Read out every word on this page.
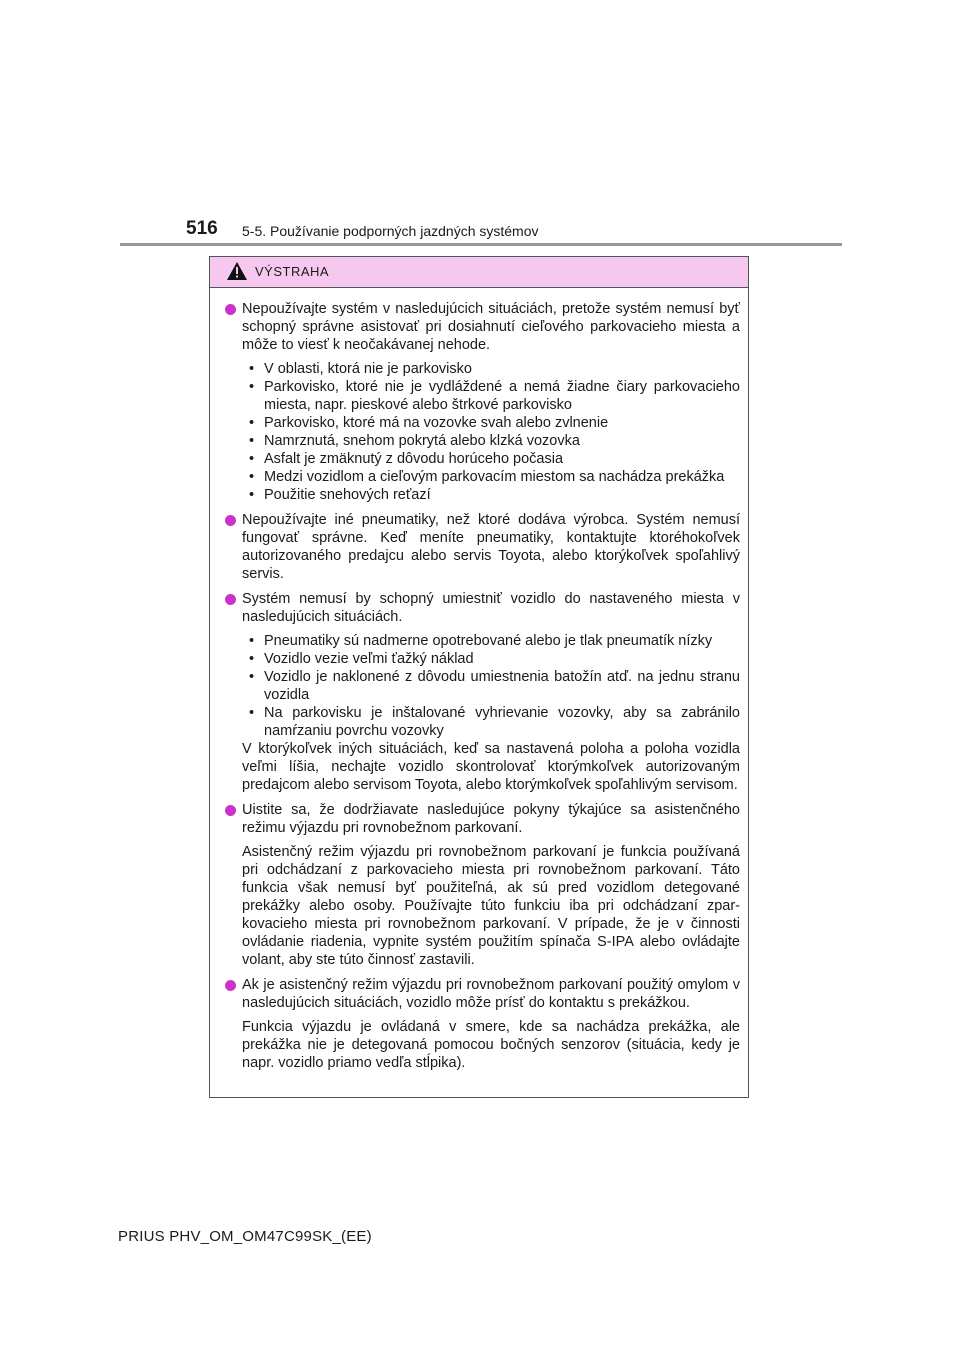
516 5-5. Používanie podporných jazdných systémov
VÝSTRAHA

Nepoužívajte systém v nasledujúcich situáciách, pretože systém nemusí byť schopný správne asistovať pri dosiahnutí cieľového parkovacieho miesta a môže to viesť k neočakávanej nehode.

• V oblasti, ktorá nie je parkovisko
• Parkovisko, ktoré nie je vydláždené a nemá žiadne čiary parkovacieho miesta, napr. pieskové alebo štrkové parkovisko
• Parkovisko, ktoré má na vozovke svah alebo zvlnenie
• Namrznutá, snehom pokrytá alebo klzká vozovka
• Asfalt je zmäknutý z dôvodu horúceho počasia
• Medzi vozidlom a cieľovým parkovacím miestom sa nachádza prekážka
• Použitie snehových reťazí

Nepoužívajte iné pneumatiky, než ktoré dodáva výrobca. Systém nemusí fungovať správne. Keď meníte pneumatiky, kontaktujte ktoréhokoľvek autorizovaného predajcu alebo servis Toyota, alebo ktorýkoľvek spoľahlivý servis.

Systém nemusí by schopný umiestniť vozidlo do nastaveného miesta v nasledujúcich situáciách.

• Pneumatiky sú nadmerne opotrebované alebo je tlak pneumatík nízky
• Vozidlo vezie veľmi ťažký náklad
• Vozidlo je naklonené z dôvodu umiestnenia batožín atď. na jednu stranu vozidla
• Na parkovisku je inštalované vyhrievanie vozovky, aby sa zabránilo namŕzaniu povrchu vozovky

V ktorýkoľvek iných situáciách, keď sa nastavená poloha a poloha vozidla veľmi líšia, nechajte vozidlo skontrolovať ktorýmkoľvek autorizovaným predajcom alebo servisom Toyota, alebo ktorýmkoľvek spoľahlivým servisom.

Uistite sa, že dodržiavate nasledujúce pokyny týkajúce sa asistenčného režimu výjazdu pri rovnobežnom parkovaní.

Asistenčný režim výjazdu pri rovnobežnom parkovaní je funkcia používaná pri odchádzaní z parkovacieho miesta pri rovnobežnom parkovaní. Táto funkcia však nemusí byť použiteľná, ak sú pred vozidlom detegované prekážky alebo osoby. Používajte túto funkciu iba pri odchádzaní zparkovacieho miesta pri rovnobežnom parkovaní. V prípade, že je v činnosti ovládanie riadenia, vypnite systém použitím spínača S-IPA alebo ovládajte volant, aby ste túto činnosť zastavili.

Ak je asistenčný režim výjazdu pri rovnobežnom parkovaní použitý omylom v nasledujúcich situáciách, vozidlo môže prísť do kontaktu s prekážkou.

Funkcia výjazdu je ovládaná v smere, kde sa nachádza prekážka, ale prekážka nie je detegovaná pomocou bočných senzorov (situácia, kedy je napr. vozidlo priamo vedľa stĺpika).

PRIUS PHV_OM_OM47C99SK_(EE)
